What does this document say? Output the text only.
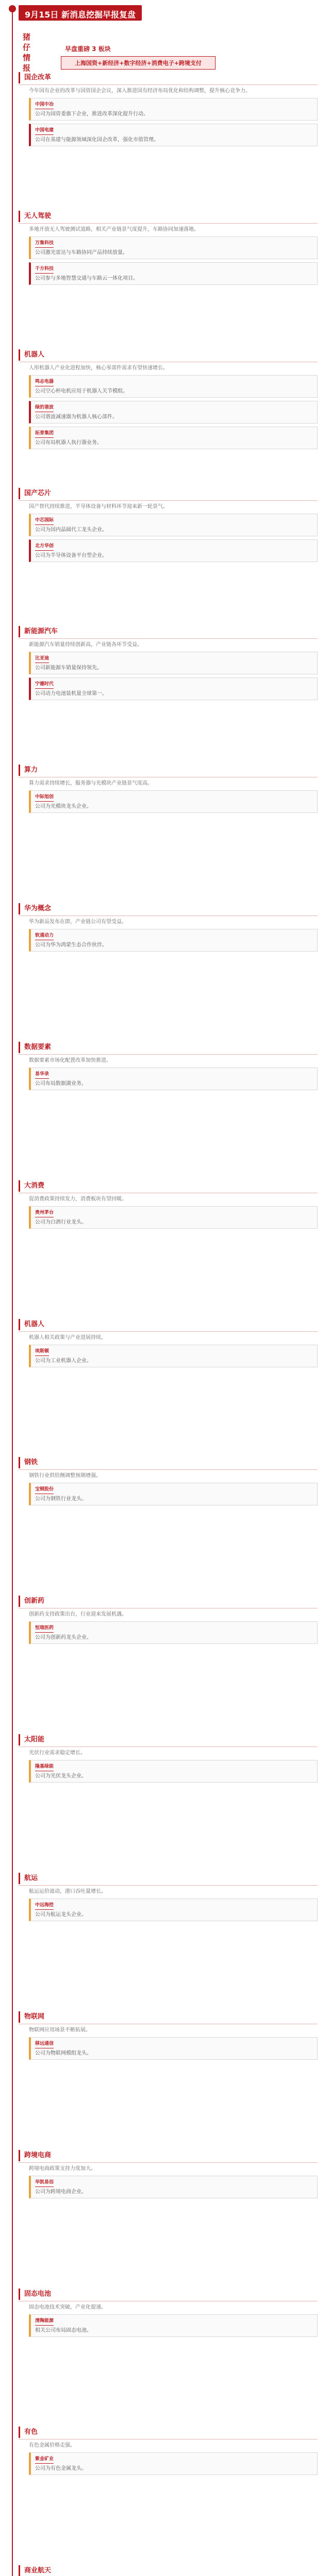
9月15日 新消息挖掘早报复盘
猪仔情报
早盘重磅 3 板块
上海国资+新经济+数字经济+消费电子+跨境支付
国企改革
今年国有企业的改革与国资国企会议，深入推进国有经济布局优化和结构调整，提升核心竞争力。
中国中冶
公司为国资委旗下企业，推进改革深化提升行动。
中国电建
公司在基建与能源领域深化国企改革，强化市值管理。
无人驾驶
多地开放无人驾驶测试道路，相关产业链景气度提升，车路协同加速落地。
万集科技
公司激光雷达与车路协同产品持续放量。
千方科技
公司参与多地智慧交通与车路云一体化项目。
机器人
人形机器人产业化进程加快，核心零部件需求有望快速增长。
鸣志电器
公司空心杯电机应用于机器人关节模组。
绿的谐波
公司谐波减速器为机器人核心部件。
拓普集团
公司布局机器人执行器业务。
国产芯片
国产替代持续推进，半导体设备与材料环节迎来新一轮景气。
中芯国际
公司为国内晶圆代工龙头企业。
北方华创
公司为半导体设备平台型企业。
新能源汽车
新能源汽车销量持续创新高，产业链各环节受益。
比亚迪
公司新能源车销量保持领先。
宁德时代
公司动力电池装机量全球第一。
算力
算力需求持续增长，服务器与光模块产业链景气度高。
中际旭创
公司为光模块龙头企业。
华为概念
华为新品发布在即，产业链公司有望受益。
软通动力
公司为华为鸿蒙生态合作伙伴。
数据要素
数据要素市场化配置改革加快推进。
易华录
公司布局数据湖业务。
大消费
促消费政策持续发力，消费板块有望回暖。
贵州茅台
公司为白酒行业龙头。
机器人
机器人相关政策与产业进展持续。
埃斯顿
公司为工业机器人企业。
钢铁
钢铁行业供给侧调整预期增强。
宝钢股份
公司为钢铁行业龙头。
创新药
创新药支持政策出台，行业迎来发展机遇。
恒瑞医药
公司为创新药龙头企业。
太阳能
光伏行业需求稳定增长。
隆基绿能
公司为光伏龙头企业。
航运
航运运价波动，港口吞吐量增长。
中远海控
公司为航运龙头企业。
物联网
物联网应用场景不断拓展。
移远通信
公司为物联网模组龙头。
跨境电商
跨境电商政策支持力度加大。
华凯易佰
公司为跨境电商企业。
固态电池
固态电池技术突破，产业化提速。
清陶能源
相关公司布局固态电池。
有色
有色金属价格走强。
紫金矿业
公司为有色金属龙头。
商业航天
